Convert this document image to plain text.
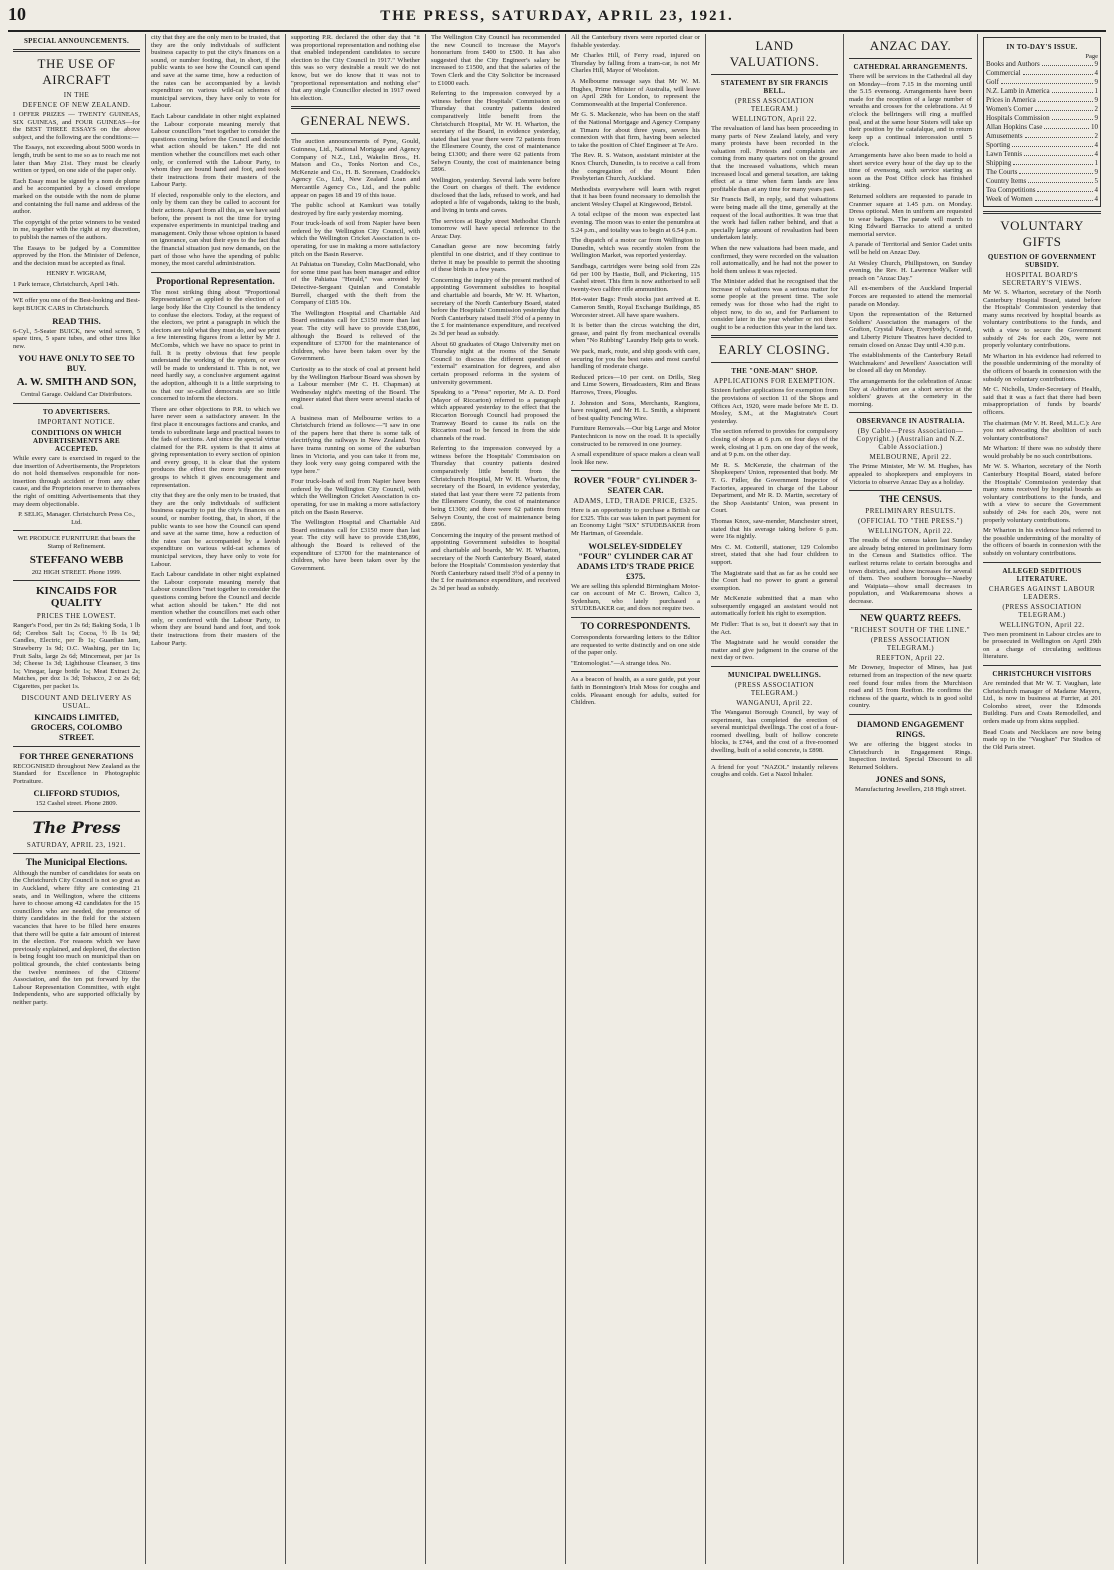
10	THE PRESS, SATURDAY, APRIL 23, 1921.
SPECIAL ANNOUNCEMENTS.
THE USE OF AIRCRAFT
IN THE
DEFENCE OF NEW ZEALAND.

I OFFER PRIZES — TWENTY GUINEAS, SIX GUINEAS, and FOUR GUINEAS—for the BEST THREE ESSAYS on the above subject, and the following are the conditions:—

The Essays, not exceeding about 5000 words in length, truth be sent to me so as to reach me not later than May 21st. They must be clearly written or typed, on one side of the paper only.

Each Essay must be signed by a nom de plume and be accompanied by a closed envelope marked on the outside with the nom de plume and containing the full name and address of the author.

The copyright of the prize winners to be vested in me, together with the right at my discretion, to publish the names of the authors.

The Essays to be judged by a Committee approved by the Hon. the Minister of Defence, and the decision must be accepted as final.

HENRY F. WIGRAM,

1 Park terrace, Christchurch, April 14th.

WE offer you one of the Best-looking and Best-kept BUICK CARS in Christchurch.

READ THIS.

6-Cyl., 5-Seater BUICK, new wind screen, 5 spare tires, 5 spare tubes, and other tires like new.

YOU HAVE ONLY TO SEE TO BUY.
A. W. SMITH AND SON,

Central Garage. Oakland Car Distributors.

TO ADVERTISERS.
IMPORTANT NOTICE.
CONDITIONS ON WHICH ADVERTISEMENTS ARE ACCEPTED.

While every care is exercised in regard to the due insertion of Advertisements, the Proprietors do not hold themselves responsible for non-insertion through accident or from any other cause, and the Proprietors reserve to themselves the right of omitting Advertisements that they may deem objectionable.

P. SELIG, Manager. Christchurch Press Co., Ltd.

WE PRODUCE FURNITURE that bears the Stamp of Refinement.

STEFFANO WEBB

202 HIGH STREET. Phone 1999.

KINCAIDS FOR QUALITY
PRICES THE LOWEST.

Ranger's Food, per tin 2s 6d; Baking Soda, 1 lb 6d; Cerebos Salt 1s; Cocoa, ½ lb 1s 9d; Candles, Electric, per lb 1s; Guardian Jam, Strawberry 1s 9d; O.C. Washing, per tin 1s; Fruit Salts, large 2s 6d; Mincemeat, per jar 1s 3d; Cheese 1s 3d; Lighthouse Cleanser, 3 tins 1s; Vinegar, large bottle 1s; Meat Extract 2s; Matches, per doz 1s 3d; Tobacco, 2 oz 2s 6d; Cigarettes, per packet 1s.

DISCOUNT AND DELIVERY AS USUAL.
KINCAIDS LIMITED, GROCERS, COLOMBO STREET.
FOR THREE GENERATIONS

RECOGNISED throughout New Zealand as the Standard for Excellence in Photographic Portraiture.

CLIFFORD STUDIOS,

152 Cashel street. Phone 2809.

The Press
SATURDAY, APRIL 23, 1921.
The Municipal Elections.

Although the number of candidates for seats on the Christchurch City Council is not so great as in Auckland, where fifty are contesting 21 seats, and in Wellington, where the citizens have to choose among 42 candidates for the 15 councillors who are needed, the presence of thirty candidates in the field for the sixteen vacancies that have to be filled here ensures that there will be quite a fair amount of interest in the election. For reasons which we have previously explained, and deplored, the election is being fought too much on municipal than on political grounds, the chief contestants being the twelve nominees of the Citizens' Association, and the ten put forward by the Labour Representation Committee, with eight Independents, who are supported officially by neither party.

city that they are the only men to be trusted, that they are the only individuals of sufficient business capacity to put the city's finances on a sound, or number footing, that, in short, if the public wants to see how the Council can spend and save at the same time, how a reduction of the rates can be accompanied by a lavish expenditure on various wild-cat schemes of municipal services, they have only to vote for Labour.

Each Labour candidate in other night explained the Labour corporate meaning merely that Labour councillors "met together to consider the questions coming before the Council and decide what action should be taken." He did not mention whether the councillors met each other only, or conferred with the Labour Party, to whom they are bound hand and foot, and took their instructions from their masters of the Labour Party.

If elected, responsible only to the electors, and only by them can they be called to account for their actions. Apart from all this, as we have said before, the present is not the time for trying expensive experiments in municipal trading and management. Only those whose opinion is based on ignorance, can shut their eyes to the fact that the financial situation just now demands, on the part of those who have the spending of public money, the most careful administration.

Proportional Representation.

The most striking thing about "Proportional Representation" as applied to the election of a large body like the City Council is the tendency to confuse the electors. Today, at the request of the electors, we print a paragraph in which the electors are told what they must do, and we print a few interesting figures from a letter by Mr J. McCombs, which we have no space to print in full. It is pretty obvious that few people understand the working of the system, or ever will be made to understand it. This is not, we need hardly say, a conclusive argument against the adoption, although it is a little surprising to us that our so-called democrats are so little concerned to inform the electors.

There are other objections to P.R. to which we have never seen a satisfactory answer. In the first place it encourages factions and cranks, and tends to subordinate large and practical issues to the fads of sections. And since the special virtue claimed for the P.R. system is that it aims at giving representation to every section of opinion and every group, it is clear that the system produces the effect the more truly the more groups to which it gives encouragement and representation.

city that they are the only men to be trusted, that they are the only individuals of sufficient business capacity to put the city's finances on a sound, or number footing, that, in short, if the public wants to see how the Council can spend and save at the same time, how a reduction of the rates can be accompanied by a lavish expenditure on various wild-cat schemes of municipal services, they have only to vote for Labour.

Each Labour candidate in other night explained the Labour corporate meaning merely that Labour councillors "met together to consider the questions coming before the Council and decide what action should be taken." He did not mention whether the councillors met each other only, or conferred with the Labour Party, to whom they are bound hand and foot, and took their instructions from their masters of the Labour Party.

supporting P.R. declared the other day that "it was proportional representation and nothing else that enabled independent candidates to secure election to the City Council in 1917." Whether this was so very desirable a result we do not know, but we do know that it was not to "proportional representation and nothing else" that any single Councillor elected in 1917 owed his election.

GENERAL NEWS.

The auction announcements of Pyne, Gould, Guinness, Ltd., National Mortgage and Agency Company of N.Z., Ltd., Wakelin Bros., H. Matson and Co., Tonks Norton and Co., McKenzie and Co., H. B. Sorensen, Craddock's Agency Co., Ltd., New Zealand Loan and Mercantile Agency Co., Ltd., and the public appear on pages 18 and 19 of this issue.

The public school at Kamkuri was totally destroyed by fire early yesterday morning.

Four truck-loads of soil from Napier have been ordered by the Wellington City Council, with which the Wellington Cricket Association is co-operating, for use in making a more satisfactory pitch on the Basin Reserve.

At Pahiatua on Tuesday, Colin MacDonald, who for some time past has been manager and editor of the Pahiatua "Herald," was arrested by Detective-Sergeant Quinlan and Constable Burrell, charged with the theft from the Company of £185 10s.

The Wellington Hospital and Charitable Aid Board estimates call for £3150 more than last year. The city will have to provide £38,896, although the Board is relieved of the expenditure of £3700 for the maintenance of children, who have been taken over by the Government.

Curiosity as to the stock of coal at present held by the Wellington Harbour Board was shown by a Labour member (Mr C. H. Chapman) at Wednesday night's meeting of the Board. The engineer stated that there were several stacks of coal.

A business man of Melbourne writes to a Christchurch friend as follows:—"I saw in one of the papers here that there is some talk of electrifying the railways in New Zealand. You have trams running on some of the suburban lines in Victoria, and you can take it from me, they look very easy going compared with the type here."

Four truck-loads of soil from Napier have been ordered by the Wellington City Council, with which the Wellington Cricket Association is co-operating, for use in making a more satisfactory pitch on the Basin Reserve.

The Wellington Hospital and Charitable Aid Board estimates call for £3150 more than last year. The city will have to provide £38,896, although the Board is relieved of the expenditure of £3700 for the maintenance of children, who have been taken over by the Government.

The Wellington City Council has recommended the new Council to increase the Mayor's honorarium from £400 to £500. It has also suggested that the City Engineer's salary be increased to £1500, and that the salaries of the Town Clerk and the City Solicitor be increased to £1000 each.

Referring to the impression conveyed by a witness before the Hospitals' Commission on Thursday that country patients desired comparatively little benefit from the Christchurch Hospital, Mr W. H. Wharton, the secretary of the Board, in evidence yesterday, stated that last year there were 72 patients from the Ellesmere County, the cost of maintenance being £1300; and there were 62 patients from Selwyn County, the cost of maintenance being £896.

Wellington, yesterday. Several lads were before the Court on charges of theft. The evidence disclosed that the lads, refused to work, and had adopted a life of vagabonds, taking to the bush, and living in tents and caves.

The services at Rugby street Methodist Church tomorrow will have special reference to the Anzac Day.

Canadian geese are now becoming fairly plentiful in one district, and if they continue to thrive it may be possible to permit the shooting of these birds in a few years.

Concerning the inquiry of the present method of appointing Government subsidies to hospital and charitable aid boards, Mr W. H. Wharton, secretary of the North Canterbury Board, stated before the Hospitals' Commission yesterday that North Canterbury raised itself 3½d of a penny in the £ for maintenance expenditure, and received 2s 3d per head as subsidy.

About 60 graduates of Otago University met on Thursday night at the rooms of the Senate Council to discuss the different question of "external" examination for degrees, and also certain proposed reforms in the system of university government.

Speaking to a "Press" reporter, Mr A. D. Ford (Mayor of Riccarton) referred to a paragraph which appeared yesterday to the effect that the Riccarton Borough Council had proposed the Tramway Board to cause its rails on the Riccarton road to be fenced in from the side channels of the road.

Referring to the impression conveyed by a witness before the Hospitals' Commission on Thursday that country patients desired comparatively little benefit from the Christchurch Hospital, Mr W. H. Wharton, the secretary of the Board, in evidence yesterday, stated that last year there were 72 patients from the Ellesmere County, the cost of maintenance being £1300; and there were 62 patients from Selwyn County, the cost of maintenance being £896.

Concerning the inquiry of the present method of appointing Government subsidies to hospital and charitable aid boards, Mr W. H. Wharton, secretary of the North Canterbury Board, stated before the Hospitals' Commission yesterday that North Canterbury raised itself 3½d of a penny in the £ for maintenance expenditure, and received 2s 3d per head as subsidy.

All the Canterbury rivers were reported clear or fishable yesterday.

Mr Charles Hill, of Ferry road, injured on Thursday by falling from a tram-car, is not Mr Charles Hill, Mayor of Woolston.

A Melbourne message says that Mr W. M. Hughes, Prime Minister of Australia, will leave on April 29th for London, to represent the Commonwealth at the Imperial Conference.

Mr G. S. Mackenzie, who has been on the staff of the National Mortgage and Agency Company at Timaru for about three years, severs his connexion with that firm, having been selected to take the position of Chief Engineer at Te Aro.

The Rev. R. S. Watson, assistant minister at the Knox Church, Dunedin, is to receive a call from the congregation of the Mount Eden Presbyterian Church, Auckland.

Methodists everywhere will learn with regret that it has been found necessary to demolish the ancient Wesley Chapel at Kingswood, Bristol.

A total eclipse of the moon was expected last evening. The moon was to enter the penumbra at 5.24 p.m., and totality was to begin at 6.54 p.m.

The dispatch of a motor car from Wellington to Dunedin, which was recently stolen from the Wellington Market, was reported yesterday.

Sandbags, cartridges were being sold from 22s 6d per 100 by Hastie, Bull, and Pickering, 115 Cashel street. This firm is now authorised to sell twenty-two calibre rifle ammunition.

Hot-water Bags: Fresh stocks just arrived at E. Cameron Smith, Royal Exchange Buildings, 85 Worcester street. All have spare washers.

It is better than the circus watching the dirt, grease, and paint fly from mechanical overalls when "No Rubbing" Laundry Help gets to work.

We pack, mark, route, and ship goods with care, securing for you the best rates and most careful handling of moderate charge.

Reduced prices—10 per cent. on Drills, Sieg and Lime Sowers, Broadcasters, Rim and Brass Harrows, Trees, Ploughs.

J. Johnston and Sons, Merchants, Rangiora, have resigned, and Mr H. L. Smith, a shipment of best quality Fencing Wire.

Furniture Removals.—Our big Large and Motor Pantechnicon is now on the road. It is specially constructed to be removed in one journey.

A small expenditure of space makes a clean wall look like new.

ROVER "FOUR" CYLINDER 3-SEATER CAR.
ADAMS, LTD, TRADE PRICE, £325.

Here is an opportunity to purchase a British car for £325. This car was taken in part payment for an Economy Light "SIX" STUDEBAKER from Mr Hartman, of Greendale.

WOLSELEY-SIDDELEY "FOUR" CYLINDER CAR AT ADAMS LTD'S TRADE PRICE £375.

We are selling this splendid Birmingham Motor-car on account of Mr C. Brown, Calico 3, Sydenham, who lately purchased a STUDEBAKER car, and does not require two.

TO CORRESPONDENTS.

Correspondents forwarding letters to the Editor are requested to write distinctly and on one side of the paper only.

"Entomologist."—A strange idea. No.

As a beacon of health, as a sure guide, put your faith in Bonnington's Irish Moss for coughs and colds. Pleasant enough for adults, suited for Children.

LAND VALUATIONS.
STATEMENT BY SIR FRANCIS BELL.
(PRESS ASSOCIATION TELEGRAM.)
WELLINGTON, April 22.

The revaluation of land has been proceeding in many parts of New Zealand lately, and very many protests have been recorded in the valuation roll. Protests and complaints are coming from many quarters not on the ground that the increased valuations, which mean increased local and general taxation, are taking effect at a time when farm lands are less profitable than at any time for many years past.

Sir Francis Bell, in reply, said that valuations were being made all the time, generally at the request of the local authorities. It was true that the work had fallen rather behind, and that a specially large amount of revaluation had been undertaken lately.

When the new valuations had been made, and confirmed, they were recorded on the valuation roll automatically, and he had not the power to hold them unless it was rejected.

The Minister added that he recognised that the increase of valuations was a serious matter for some people at the present time. The sole remedy was for those who had the right to object now, to do so, and for Parliament to consider later in the year whether or not there ought to be a reduction this year in the land tax.

EARLY CLOSING.
THE "ONE-MAN" SHOP.
APPLICATIONS FOR EXEMPTION.

Sixteen further applications for exemption from the provisions of section 11 of the Shops and Offices Act, 1920, were made before Mr E. D. Mosley, S.M., at the Magistrate's Court yesterday.

The section referred to provides for compulsory closing of shops at 6 p.m. on four days of the week, closing at 1 p.m. on one day of the week, and at 9 p.m. on the other day.

Mr R. S. McKenzie, the chairman of the Shopkeepers' Union, represented that body. Mr T. G. Fidler, the Government Inspector of Factories, appeared in charge of the Labour Department, and Mr R. D. Martin, secretary of the Shop Assistants' Union, was present in Court.

Thomas Knox, saw-mender, Manchester street, stated that his average taking before 6 p.m. were 16s nightly.

Mrs C. M. Cotterill, stationer, 129 Colombo street, stated that she had four children to support.

The Magistrate said that as far as he could see the Court had no power to grant a general exemption.

Mr McKenzie submitted that a man who subsequently engaged an assistant would not automatically forfeit his right to exemption.

Mr Fidler: That is so, but it doesn't say that in the Act.

The Magistrate said he would consider the matter and give judgment in the course of the next day or two.

MUNICIPAL DWELLINGS.
(PRESS ASSOCIATION TELEGRAM.)
WANGANUI, April 22.

The Wanganui Borough Council, by way of experiment, has completed the erection of several municipal dwellings. The cost of a four-roomed dwelling, built of hollow concrete blocks, is £744, and the cost of a five-roomed dwelling, built of a solid concrete, is £898.

A friend for you! "NAZOL" instantly relieves coughs and colds. Get a Nazol Inhaler.

ANZAC DAY.
CATHEDRAL ARRANGEMENTS.

There will be services in the Cathedral all day on Monday—from 7.15 in the morning until the 5.15 evensong. Arrangements have been made for the reception of a large number of wreaths and crosses for the celebrations. At 9 o'clock the bellringers will ring a muffled peal, and at the same hour Sisters will take up their position by the catafalque, and in return keep up a continual intercession until 5 o'clock.

Arrangements have also been made to hold a short service every hour of the day up to the time of evensong, such service starting as soon as the Post Office clock has finished striking.

Returned soldiers are requested to parade in Cranmer square at 1.45 p.m. on Monday. Dress optional. Men in uniform are requested to wear badges. The parade will march to King Edward Barracks to attend a united memorial service.

A parade of Territorial and Senior Cadet units will be held on Anzac Day.

At Wesley Church, Phillipstown, on Sunday evening, the Rev. H. Lawrence Walker will preach on "Anzac Day."

All ex-members of the Auckland Imperial Forces are requested to attend the memorial parade on Monday.

Upon the representation of the Returned Soldiers' Association the managers of the Grafton, Crystal Palace, Everybody's, Grand, and Liberty Picture Theatres have decided to remain closed on Anzac Day until 4.30 p.m.

The establishments of the Canterbury Retail Watchmakers' and Jewellers' Association will be closed all day on Monday.

The arrangements for the celebration of Anzac Day at Ashburton are a short service at the soldiers' graves at the cemetery in the morning.

OBSERVANCE IN AUSTRALIA.
(By Cable—Press Association—Copyright.) (Australian and N.Z. Cable Association.)
MELBOURNE, April 22.

The Prime Minister, Mr W. M. Hughes, has appealed to shopkeepers and employers in Victoria to observe Anzac Day as a holiday.

THE CENSUS.
PRELIMINARY RESULTS.
(OFFICIAL TO "THE PRESS.")
WELLINGTON, April 22.

The results of the census taken last Sunday are already being entered in preliminary form in the Census and Statistics office. The earliest returns relate to certain boroughs and town districts, and show increases for several of them. Two southern boroughs—Naseby and Waipiata—show small decreases in population, and Waikaremoana shows a decrease.

NEW QUARTZ REEFS.
"RICHEST SOUTH OF THE LINE."
(PRESS ASSOCIATION TELEGRAM.)
REEFTON, April 22.

Mr Downey, Inspector of Mines, has just returned from an inspection of the new quartz reef found four miles from the Murchison road and 15 from Reefton. He confirms the richness of the quartz, which is in good solid country.

DIAMOND ENGAGEMENT RINGS.

We are offering the biggest stocks in Christchurch in Engagement Rings. Inspection invited. Special Discount to all Returned Soldiers.

JONES and SONS,

Manufacturing Jewellers, 218 High street.

IN TO-DAY'S ISSUE.
Page
Books and Authors	9
Commercial	4
Golf	9
N.Z. Lamb in America	1
Prices in America	9
Women's Corner	2
Hospitals Commission	9
Allan Hopkins Case	10
Amusements	2
Sporting	4
Lawn Tennis	4
Shipping	1
The Courts	9
Country Items	5
Tea Competitions	4
Week of Women	4
VOLUNTARY GIFTS
QUESTION OF GOVERNMENT SUBSIDY.
HOSPITAL BOARD'S SECRETARY'S VIEWS.

Mr W. S. Wharton, secretary of the North Canterbury Hospital Board, stated before the Hospitals' Commission yesterday that many sums received by hospital boards as voluntary contributions to the funds, and with a view to secure the Government subsidy of 24s for each 20s, were not properly voluntary contributions.

Mr Wharton in his evidence had referred to the possible undermining of the morality of the officers of boards in connexion with the subsidy on voluntary contributions.

Mr C. Nicholls, Under-Secretary of Health, said that it was a fact that there had been misappropriation of funds by boards' officers.

The chairman (Mr V. H. Reed, M.L.C.): Are you not advocating the abolition of such voluntary contributions?

Mr Wharton: If there was no subsidy there would probably be no such contributions.

Mr W. S. Wharton, secretary of the North Canterbury Hospital Board, stated before the Hospitals' Commission yesterday that many sums received by hospital boards as voluntary contributions to the funds, and with a view to secure the Government subsidy of 24s for each 20s, were not properly voluntary contributions.

Mr Wharton in his evidence had referred to the possible undermining of the morality of the officers of boards in connexion with the subsidy on voluntary contributions.

ALLEGED SEDITIOUS LITERATURE.
CHARGES AGAINST LABOUR LEADERS.
(PRESS ASSOCIATION TELEGRAM.)
WELLINGTON, April 22.

Two men prominent in Labour circles are to be prosecuted in Wellington on April 29th on a charge of circulating seditious literature.

CHRISTCHURCH VISITORS

Are reminded that Mr W. T. Vaughan, late Christchurch manager of Madame Mayers, Ltd., is now in business at Furrier, at 201 Colombo street, over the Edmonds Building. Furs and Coats Remodelled, and orders made up from skins supplied.

Bead Coats and Necklaces are now being made up in the "Vaughan" Fur Studios of the Old Paris street.
